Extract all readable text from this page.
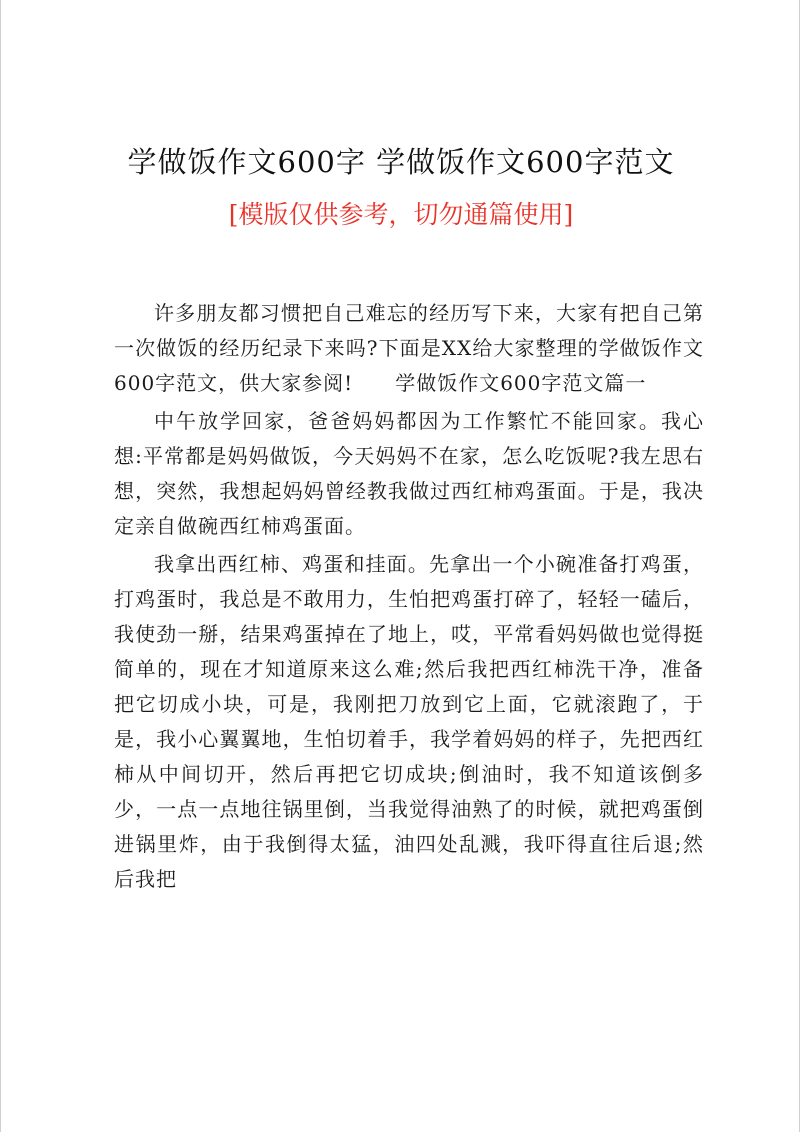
学做饭作文600字 学做饭作文600字范文
[模版仅供参考，切勿通篇使用]

许多朋友都习惯把自己难忘的经历写下来，大家有把自己第一次做饭的经历纪录下来吗?下面是XX给大家整理的学做饭作文600字范文，供大家参阅!　　学做饭作文600字范文篇一

中午放学回家，爸爸妈妈都因为工作繁忙不能回家。我心想:平常都是妈妈做饭，今天妈妈不在家，怎么吃饭呢?我左思右想，突然，我想起妈妈曾经教我做过西红柿鸡蛋面。于是，我决定亲自做碗西红柿鸡蛋面。

我拿出西红柿、鸡蛋和挂面。先拿出一个小碗准备打鸡蛋，打鸡蛋时，我总是不敢用力，生怕把鸡蛋打碎了，轻轻一磕后，我使劲一掰，结果鸡蛋掉在了地上，哎，平常看妈妈做也觉得挺简单的，现在才知道原来这么难;然后我把西红柿洗干净，准备把它切成小块，可是，我刚把刀放到它上面，它就滚跑了，于是，我小心翼翼地，生怕切着手，我学着妈妈的样子，先把西红柿从中间切开，然后再把它切成块;倒油时，我不知道该倒多少，一点一点地往锅里倒，当我觉得油熟了的时候，就把鸡蛋倒进锅里炸，由于我倒得太猛，油四处乱溅，我吓得直往后退;然后我把
